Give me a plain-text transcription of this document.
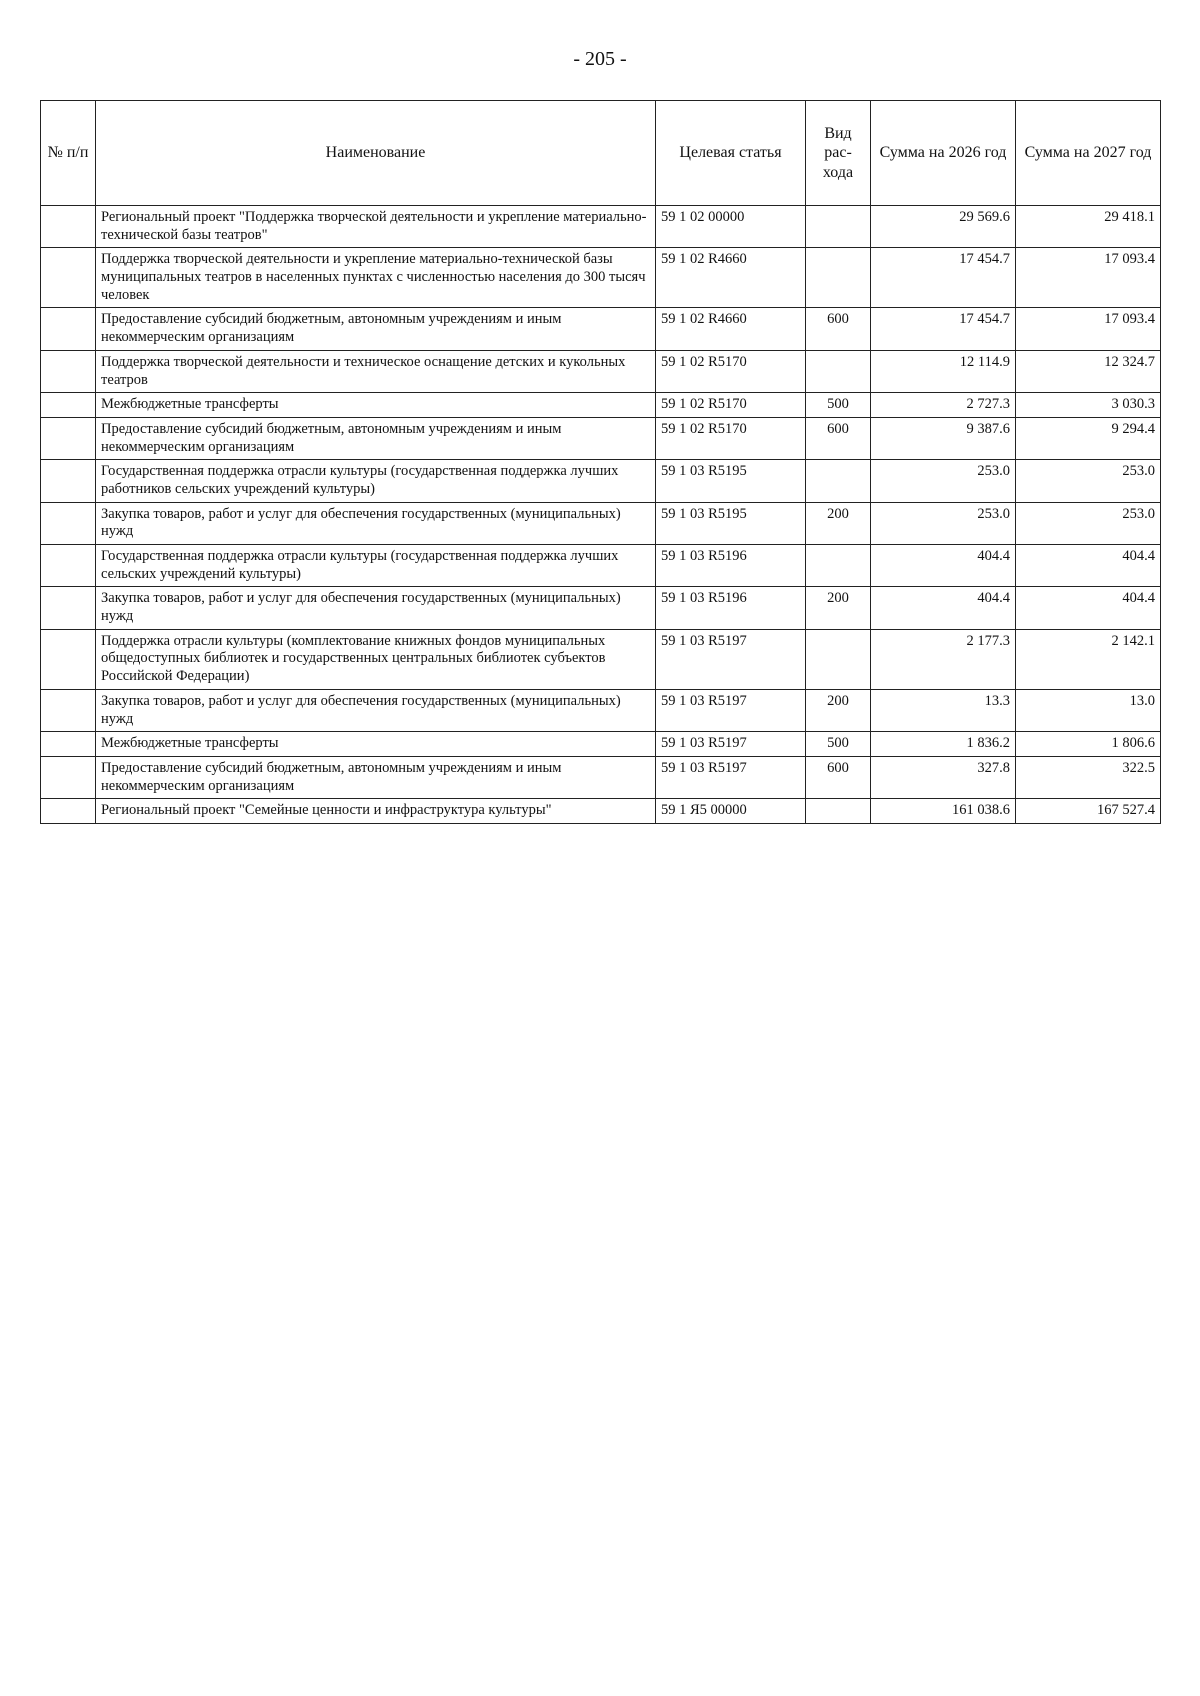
- 205 -
№ п/п	Наименование	Целевая статья	Вид рас- хода	Сумма на 2026 год	Сумма на 2027 год
	Региональный проект "Поддержка творческой деятельности и укрепление материально-технической базы театров"	59 1 02 00000		29 569.6	29 418.1
	Поддержка творческой деятельности и укрепление материально-технической базы муниципальных театров в населенных пунктах с численностью населения до 300 тысяч человек	59 1 02 R4660		17 454.7	17 093.4
	Предоставление субсидий бюджетным, автономным учреждениям и иным некоммерческим организациям	59 1 02 R4660	600	17 454.7	17 093.4
	Поддержка творческой деятельности и техническое оснащение детских и кукольных театров	59 1 02 R5170		12 114.9	12 324.7
	Межбюджетные трансферты	59 1 02 R5170	500	2 727.3	3 030.3
	Предоставление субсидий бюджетным, автономным учреждениям и иным некоммерческим организациям	59 1 02 R5170	600	9 387.6	9 294.4
	Государственная поддержка отрасли культуры (государственная поддержка лучших работников сельских учреждений культуры)	59 1 03 R5195		253.0	253.0
	Закупка товаров, работ и услуг для обеспечения государственных (муниципальных) нужд	59 1 03 R5195	200	253.0	253.0
	Государственная поддержка отрасли культуры (государственная поддержка лучших сельских учреждений культуры)	59 1 03 R5196		404.4	404.4
	Закупка товаров, работ и услуг для обеспечения государственных (муниципальных) нужд	59 1 03 R5196	200	404.4	404.4
	Поддержка отрасли культуры (комплектование книжных фондов муниципальных общедоступных библиотек и государственных центральных библиотек субъектов Российской Федерации)	59 1 03 R5197		2 177.3	2 142.1
	Закупка товаров, работ и услуг для обеспечения государственных (муниципальных) нужд	59 1 03 R5197	200	13.3	13.0
	Межбюджетные трансферты	59 1 03 R5197	500	1 836.2	1 806.6
	Предоставление субсидий бюджетным, автономным учреждениям и иным некоммерческим организациям	59 1 03 R5197	600	327.8	322.5
	Региональный проект "Семейные ценности и инфраструктура культуры"	59 1 Я5 00000		161 038.6	167 527.4
